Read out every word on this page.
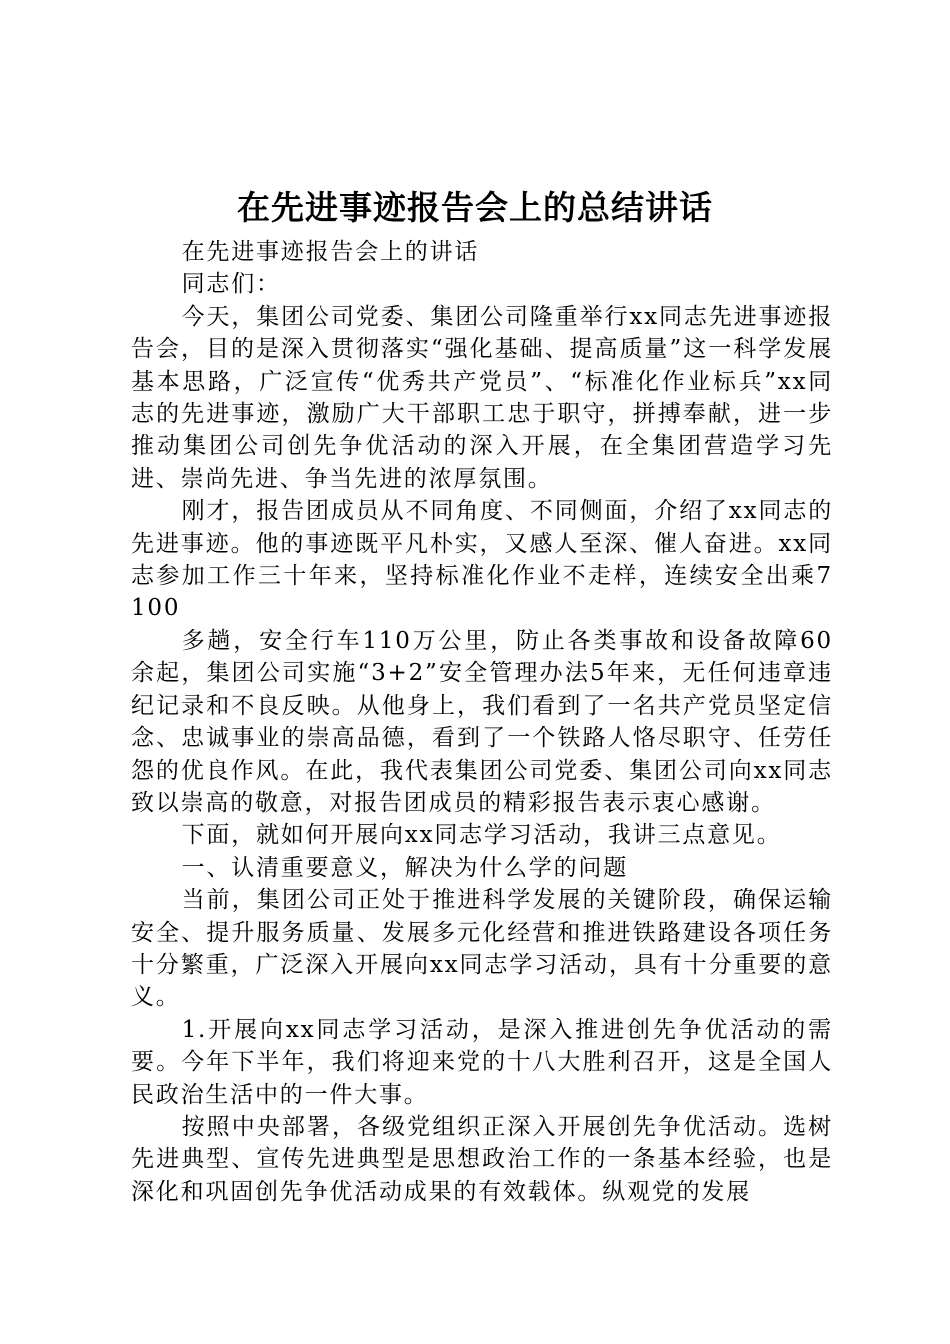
在先进事迹报告会上的总结讲话

在先进事迹报告会上的讲话

同志们：

今天，集团公司党委、集团公司隆重举行xx同志先进事迹报告会，目的是深入贯彻落实“强化基础、提高质量”这一科学发展基本思路，广泛宣传“优秀共产党员”、“标准化作业标兵”xx同志的先进事迹，激励广大干部职工忠于职守，拼搏奉献，进一步推动集团公司创先争优活动的深入开展，在全集团营造学习先进、崇尚先进、争当先进的浓厚氛围。

刚才，报告团成员从不同角度、不同侧面，介绍了xx同志的先进事迹。他的事迹既平凡朴实，又感人至深、催人奋进。xx同志参加工作三十年来，坚持标准化作业不走样，连续安全出乘7100

多趟，安全行车110万公里，防止各类事故和设备故障60余起，集团公司实施“3+2”安全管理办法5年来，无任何违章违纪记录和不良反映。从他身上，我们看到了一名共产党员坚定信念、忠诚事业的崇高品德，看到了一个铁路人恪尽职守、任劳任怨的优良作风。在此，我代表集团公司党委、集团公司向xx同志致以崇高的敬意，对报告团成员的精彩报告表示衷心感谢。

下面，就如何开展向xx同志学习活动，我讲三点意见。

一、认清重要意义，解决为什么学的问题

当前，集团公司正处于推进科学发展的关键阶段，确保运输安全、提升服务质量、发展多元化经营和推进铁路建设各项任务十分繁重，广泛深入开展向xx同志学习活动，具有十分重要的意义。

1.开展向xx同志学习活动，是深入推进创先争优活动的需要。今年下半年，我们将迎来党的十八大胜利召开，这是全国人民政治生活中的一件大事。

按照中央部署，各级党组织正深入开展创先争优活动。选树先进典型、宣传先进典型是思想政治工作的一条基本经验，也是深化和巩固创先争优活动成果的有效载体。纵观党的发展
